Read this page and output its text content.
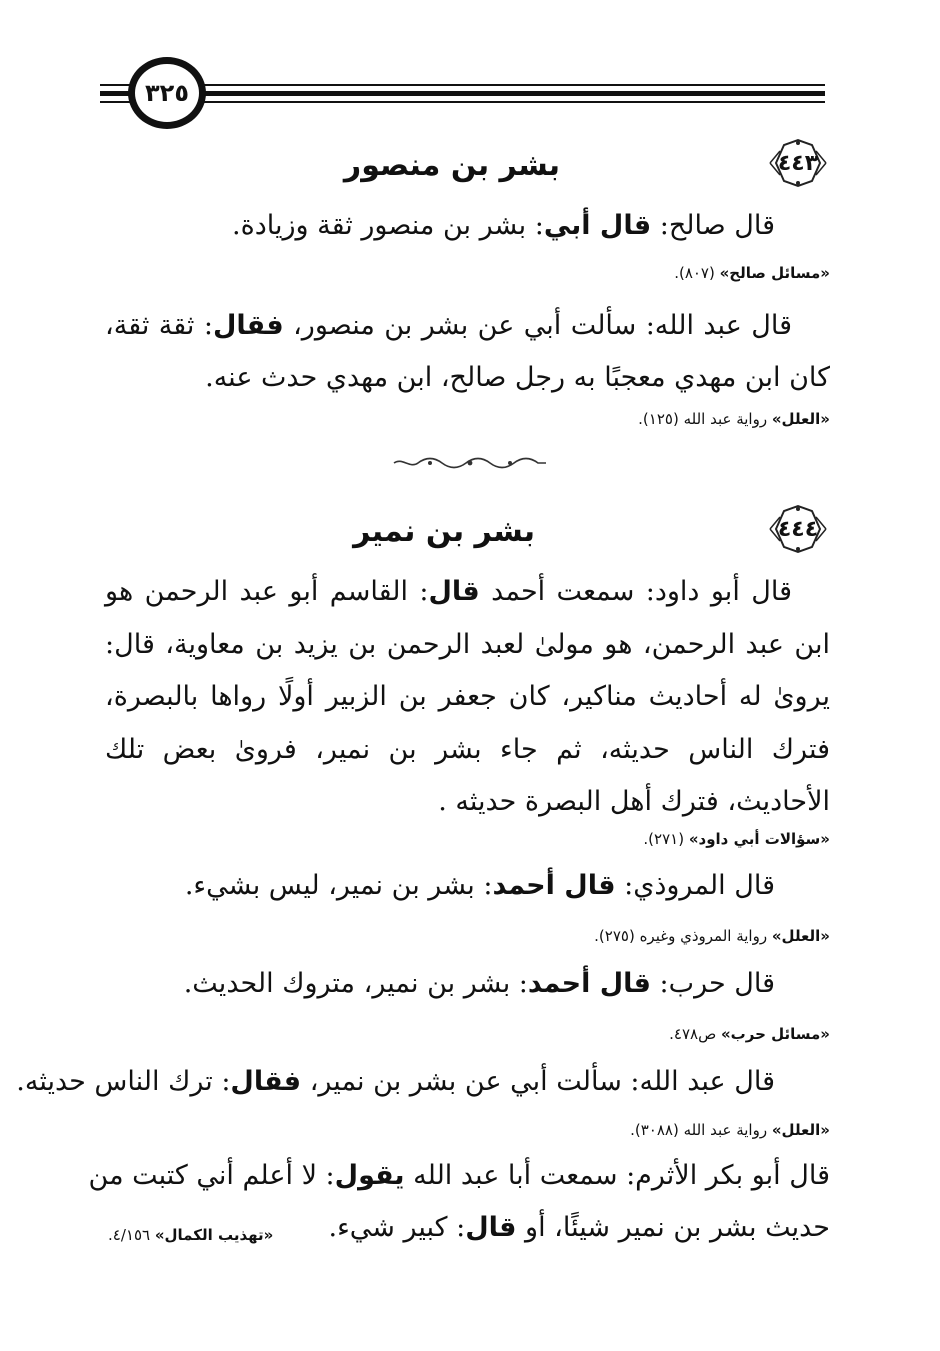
٣٢٥
٤٤٣
بشر بن منصور
قال صالح: قال أبي: بشر بن منصور ثقة وزيادة.
«مسائل صالح» (٨٠٧).
قال عبد الله: سألت أبي عن بشر بن منصور، فقال: ثقة ثقة، كان ابن مهدي معجبًا به رجل صالح، ابن مهدي حدث عنه.
«العلل» رواية عبد الله (١٢٥).
٤٤٤
بشر بن نمير
قال أبو داود: سمعت أحمد قال: القاسم أبو عبد الرحمن هو ابن عبد الرحمن، هو مولىٰ لعبد الرحمن بن يزيد بن معاوية، قال: يروىٰ له أحاديث مناكير، كان جعفر بن الزبير أولًا رواها بالبصرة، فترك الناس حديثه، ثم جاء بشر بن نمير، فروىٰ بعض تلك الأحاديث، فترك أهل البصرة حديثه .
«سؤالات أبي داود» (٢٧١).
قال المروذي: قال أحمد: بشر بن نمير، ليس بشيء.
«العلل» رواية المروذي وغيره (٢٧٥).
قال حرب: قال أحمد: بشر بن نمير، متروك الحديث.
«مسائل حرب» ص٤٧٨.
قال عبد الله: سألت أبي عن بشر بن نمير، فقال: ترك الناس حديثه.
«العلل» رواية عبد الله (٣٠٨٨).
قال أبو بكر الأثرم: سمعت أبا عبد الله يقول: لا أعلم أني كتبت من
حديث بشر بن نمير شيئًا، أو قال: كبير شيء.
«تهذيب الكمال» ٤/١٥٦.
